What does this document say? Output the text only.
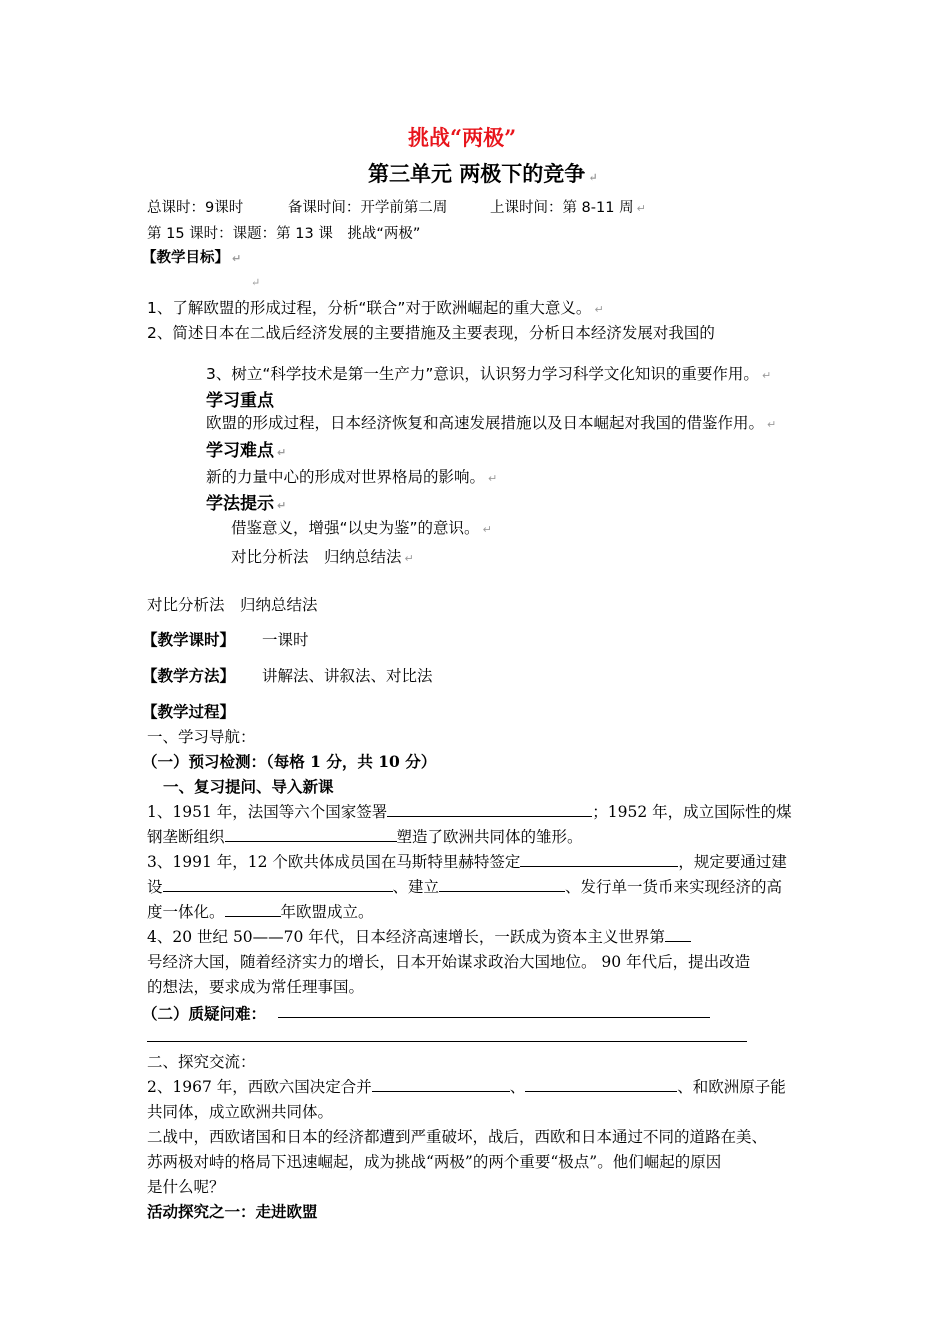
挑战“两极”
第三单元 两极下的竞争 ↵
总课时：9课时	备课时间：开学前第二周	上课时间：第 8-11 周 ↵
第 15 课时：课题：第 13 课　挑战“两极”
【教学目标】 ↵
↵
1、了解欧盟的形成过程，分析“联合”对于欧洲崛起的重大意义。 ↵
2、简述日本在二战后经济发展的主要措施及主要表现，分析日本经济发展对我国的
3、树立“科学技术是第一生产力”意识，认识努力学习科学文化知识的重要作用。 ↵
学习重点
欧盟的形成过程，日本经济恢复和高速发展措施以及日本崛起对我国的借鉴作用。 ↵
学习难点 ↵
新的力量中心的形成对世界格局的影响。 ↵
学法提示 ↵
借鉴意义，增强“以史为鉴”的意识。 ↵
对比分析法　归纳总结法 ↵
对比分析法　归纳总结法
【教学课时】 一课时
【教学方法】 讲解法、讲叙法、对比法
【教学过程】
一、学习导航：
（一）预习检测：（每格 1 分，共 10 分）
一、复习提问、导入新课
1、1951 年，法国等六个国家签署	；1952 年，成立国际性的煤
钢垄断组织	塑造了欧洲共同体的雏形。
3、1991 年，12 个欧共体成员国在马斯特里赫特签定	，规定要通过建
设	、建立	、发行单一货币来实现经济的高
度一体化。	年欧盟成立。
4、20 世纪 50——70 年代，日本经济高速增长，一跃成为资本主义世界第
号经济大国，随着经济实力的增长，日本开始谋求政治大国地位。 90 年代后，提出改造
的想法，要求成为常任理事国。
（二）质疑问难：
二、探究交流：
2、1967 年，西欧六国决定合并	、	、和欧洲原子能
共同体，成立欧洲共同体。
二战中，西欧诸国和日本的经济都遭到严重破坏，战后，西欧和日本通过不同的道路在美、
苏两极对峙的格局下迅速崛起，成为挑战“两极”的两个重要“极点”。他们崛起的原因
是什么呢？
活动探究之一：走进欧盟
